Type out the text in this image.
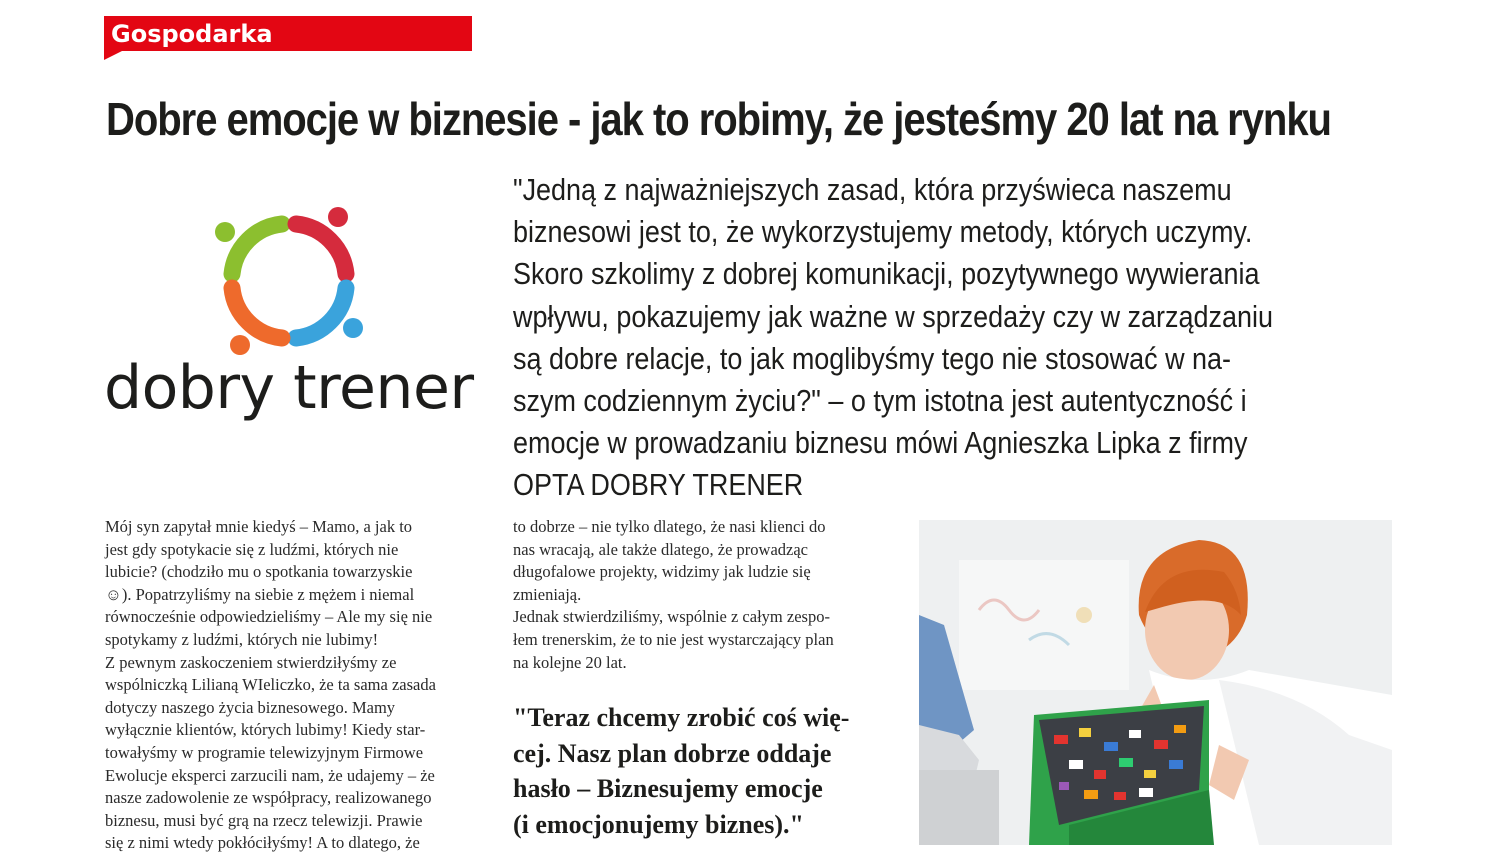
Gospodarka
Dobre emocje w biznesie - jak to robimy, że jesteśmy 20 lat na rynku
dobry trener

"Jedną z najważniejszych zasad, która przyświeca naszemu
biznesowi jest to, że wykorzystujemy metody, których uczymy.
Skoro szkolimy z dobrej komunikacji, pozytywnego wywierania
wpływu, pokazujemy jak ważne w sprzedaży czy w zarządzaniu
są dobre relacje, to jak moglibyśmy tego nie stosować w na-
szym codziennym życiu?" – o tym istotna jest autentyczność i
emocje w prowadzaniu biznesu mówi Agnieszka Lipka z firmy
OPTA DOBRY TRENER

Mój syn zapytał mnie kiedyś – Mamo, a jak to
jest gdy spotykacie się z ludźmi, których nie
lubicie? (chodziło mu o spotkania towarzyskie
☺). Popatrzyliśmy na siebie z mężem i niemal
równocześnie odpowiedzieliśmy – Ale my się nie
spotykamy z ludźmi, których nie lubimy!
Z pewnym zaskoczeniem stwierdziłyśmy ze
wspólniczką Lilianą WIeliczko, że ta sama zasada
dotyczy naszego życia biznesowego. Mamy
wyłącznie klientów, których lubimy! Kiedy star-
towałyśmy w programie telewizyjnym Firmowe
Ewolucje eksperci zarzucili nam, że udajemy – że
nasze zadowolenie ze współpracy, realizowanego
biznesu, musi być grą na rzecz telewizji. Prawie
się z nimi wtedy pokłóciłyśmy! A to dlatego, że
to dobrze – nie tylko dlatego, że nasi klienci do
nas wracają, ale także dlatego, że prowadząc
długofalowe projekty, widzimy jak ludzie się
zmieniają.
Jednak stwierdziliśmy, wspólnie z całym zespo-
łem trenerskim, że to nie jest wystarczający plan
na kolejne 20 lat.
"Teraz chcemy zrobić coś wię-
cej. Nasz plan dobrze oddaje
hasło – Biznesujemy emocje
(i emocjonujemy biznes)."
